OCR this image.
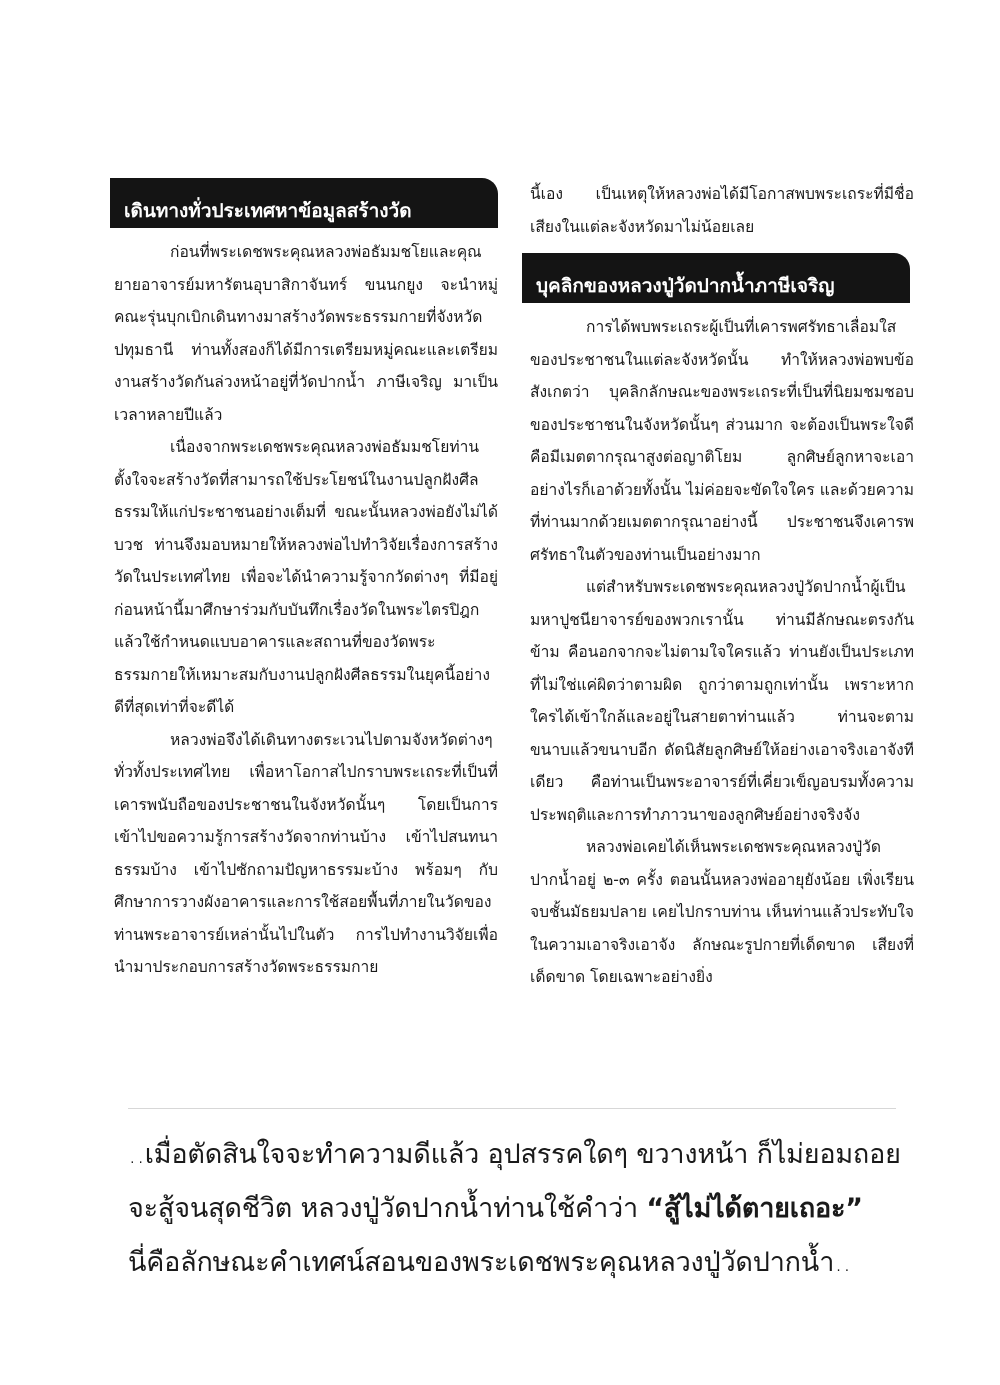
เดินทางทั่วประเทศหาข้อมูลสร้างวัด

ก่อนที่พระเดชพระคุณหลวงพ่อธัมมชโยและคุณยายอาจารย์มหารัตนอุบาสิกาจันทร์ ขนนกยูง จะนำหมู่คณะรุ่นบุกเบิกเดินทางมาสร้างวัดพระธรรมกายที่จังหวัดปทุมธานี ท่านทั้งสองก็ได้มีการเตรียมหมู่คณะและเตรียมงานสร้างวัดกันล่วงหน้าอยู่ที่วัดปากน้ำ ภาษีเจริญ มาเป็นเวลาหลายปีแล้ว

เนื่องจากพระเดชพระคุณหลวงพ่อธัมมชโยท่านตั้งใจจะสร้างวัดที่สามารถใช้ประโยชน์ในงานปลูกฝังศีลธรรมให้แก่ประชาชนอย่างเต็มที่ ขณะนั้นหลวงพ่อยังไม่ได้บวช ท่านจึงมอบหมายให้หลวงพ่อไปทำวิจัยเรื่องการสร้างวัดในประเทศไทย เพื่อจะได้นำความรู้จากวัดต่างๆ ที่มีอยู่ก่อนหน้านี้มาศึกษาร่วมกับบันทึกเรื่องวัดในพระไตรปิฎก แล้วใช้กำหนดแบบอาคารและสถานที่ของวัดพระธรรมกายให้เหมาะสมกับงานปลูกฝังศีลธรรมในยุคนี้อย่างดีที่สุดเท่าที่จะดีได้

หลวงพ่อจึงได้เดินทางตระเวนไปตามจังหวัดต่างๆ ทั่วทั้งประเทศไทย เพื่อหาโอกาสไปกราบพระเถระที่เป็นที่เคารพนับถือของประชาชนในจังหวัดนั้นๆ โดยเป็นการเข้าไปขอความรู้การสร้างวัดจากท่านบ้าง เข้าไปสนทนาธรรมบ้าง เข้าไปซักถามปัญหาธรรมะบ้าง พร้อมๆ กับศึกษาการวางผังอาคารและการใช้สอยพื้นที่ภายในวัดของท่านพระอาจารย์เหล่านั้นไปในตัว การไปทำงานวิจัยเพื่อนำมาประกอบการสร้างวัดพระธรรมกาย

นี้เอง เป็นเหตุให้หลวงพ่อได้มีโอกาสพบพระเถระที่มีชื่อเสียงในแต่ละจังหวัดมาไม่น้อยเลย

บุคลิกของหลวงปู่วัดปากน้ำภาษีเจริญ

การได้พบพระเถระผู้เป็นที่เคารพศรัทธาเลื่อมใสของประชาชนในแต่ละจังหวัดนั้น ทำให้หลวงพ่อพบข้อสังเกตว่า บุคลิกลักษณะของพระเถระที่เป็นที่นิยมชมชอบของประชาชนในจังหวัดนั้นๆ ส่วนมาก จะต้องเป็นพระใจดี คือมีเมตตากรุณาสูงต่อญาติโยม ลูกศิษย์ลูกหาจะเอาอย่างไรก็เอาด้วยทั้งนั้น ไม่ค่อยจะขัดใจใคร และด้วยความที่ท่านมากด้วยเมตตากรุณาอย่างนี้ ประชาชนจึงเคารพศรัทธาในตัวของท่านเป็นอย่างมาก

แต่สำหรับพระเดชพระคุณหลวงปู่วัดปากน้ำผู้เป็นมหาปูชนียาจารย์ของพวกเรานั้น ท่านมีลักษณะตรงกันข้าม คือนอกจากจะไม่ตามใจใครแล้ว ท่านยังเป็นประเภทที่ไม่ใช่แค่ผิดว่าตามผิด ถูกว่าตามถูกเท่านั้น เพราะหากใครได้เข้าใกล้และอยู่ในสายตาท่านแล้ว ท่านจะตามขนาบแล้วขนาบอีก ดัดนิสัยลูกศิษย์ให้อย่างเอาจริงเอาจังทีเดียว คือท่านเป็นพระอาจารย์ที่เคี่ยวเข็ญอบรมทั้งความประพฤติและการทำภาวนาของลูกศิษย์อย่างจริงจัง

หลวงพ่อเคยได้เห็นพระเดชพระคุณหลวงปู่วัดปากน้ำอยู่ ๒-๓ ครั้ง ตอนนั้นหลวงพ่ออายุยังน้อย เพิ่งเรียนจบชั้นมัธยมปลาย เคยไปกราบท่าน เห็นท่านแล้วประทับใจในความเอาจริงเอาจัง ลักษณะรูปกายที่เด็ดขาด เสียงที่เด็ดขาด โดยเฉพาะอย่างยิ่ง

..เมื่อตัดสินใจจะทำความดีแล้ว อุปสรรคใดๆ ขวางหน้า ก็ไม่ยอมถอย
จะสู้จนสุดชีวิต หลวงปู่วัดปากน้ำท่านใช้คำว่า “สู้ไม่ได้ตายเถอะ”
นี่คือลักษณะคำเทศน์สอนของพระเดชพระคุณหลวงปู่วัดปากน้ำ..
